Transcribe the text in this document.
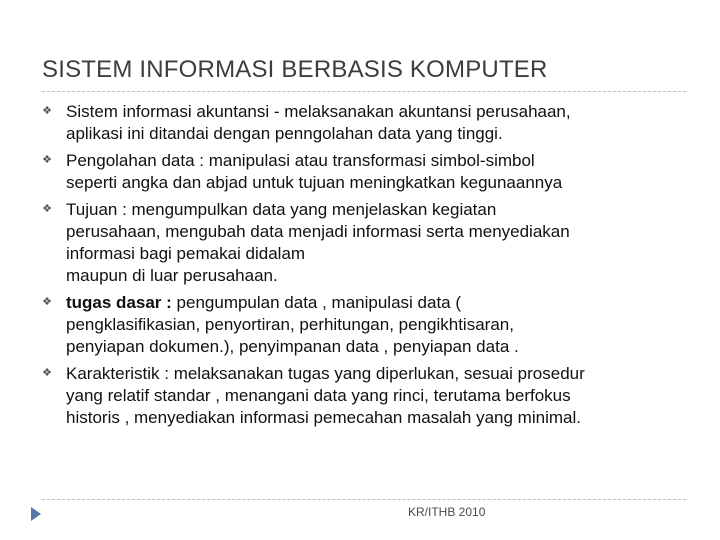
SISTEM INFORMASI BERBASIS KOMPUTER
❖ Sistem informasi akuntansi - melaksanakan akuntansi perusahaan,
aplikasi ini ditandai dengan penngolahan data yang tinggi.
❖ Pengolahan data : manipulasi atau transformasi simbol-simbol
seperti angka dan abjad untuk tujuan meningkatkan kegunaannya
❖ Tujuan : mengumpulkan data yang menjelaskan kegiatan
perusahaan, mengubah data menjadi informasi serta menyediakan
informasi bagi pemakai didalam
maupun di luar perusahaan.
❖ tugas dasar : pengumpulan data , manipulasi data (
pengklasifikasian, penyortiran, perhitungan, pengikhtisaran,
penyiapan dokumen.), penyimpanan data , penyiapan data .
❖ Karakteristik : melaksanakan tugas yang diperlukan, sesuai prosedur
yang relatif standar , menangani data yang rinci, terutama berfokus
historis , menyediakan informasi pemecahan masalah yang minimal.
KR/ITHB 2010
